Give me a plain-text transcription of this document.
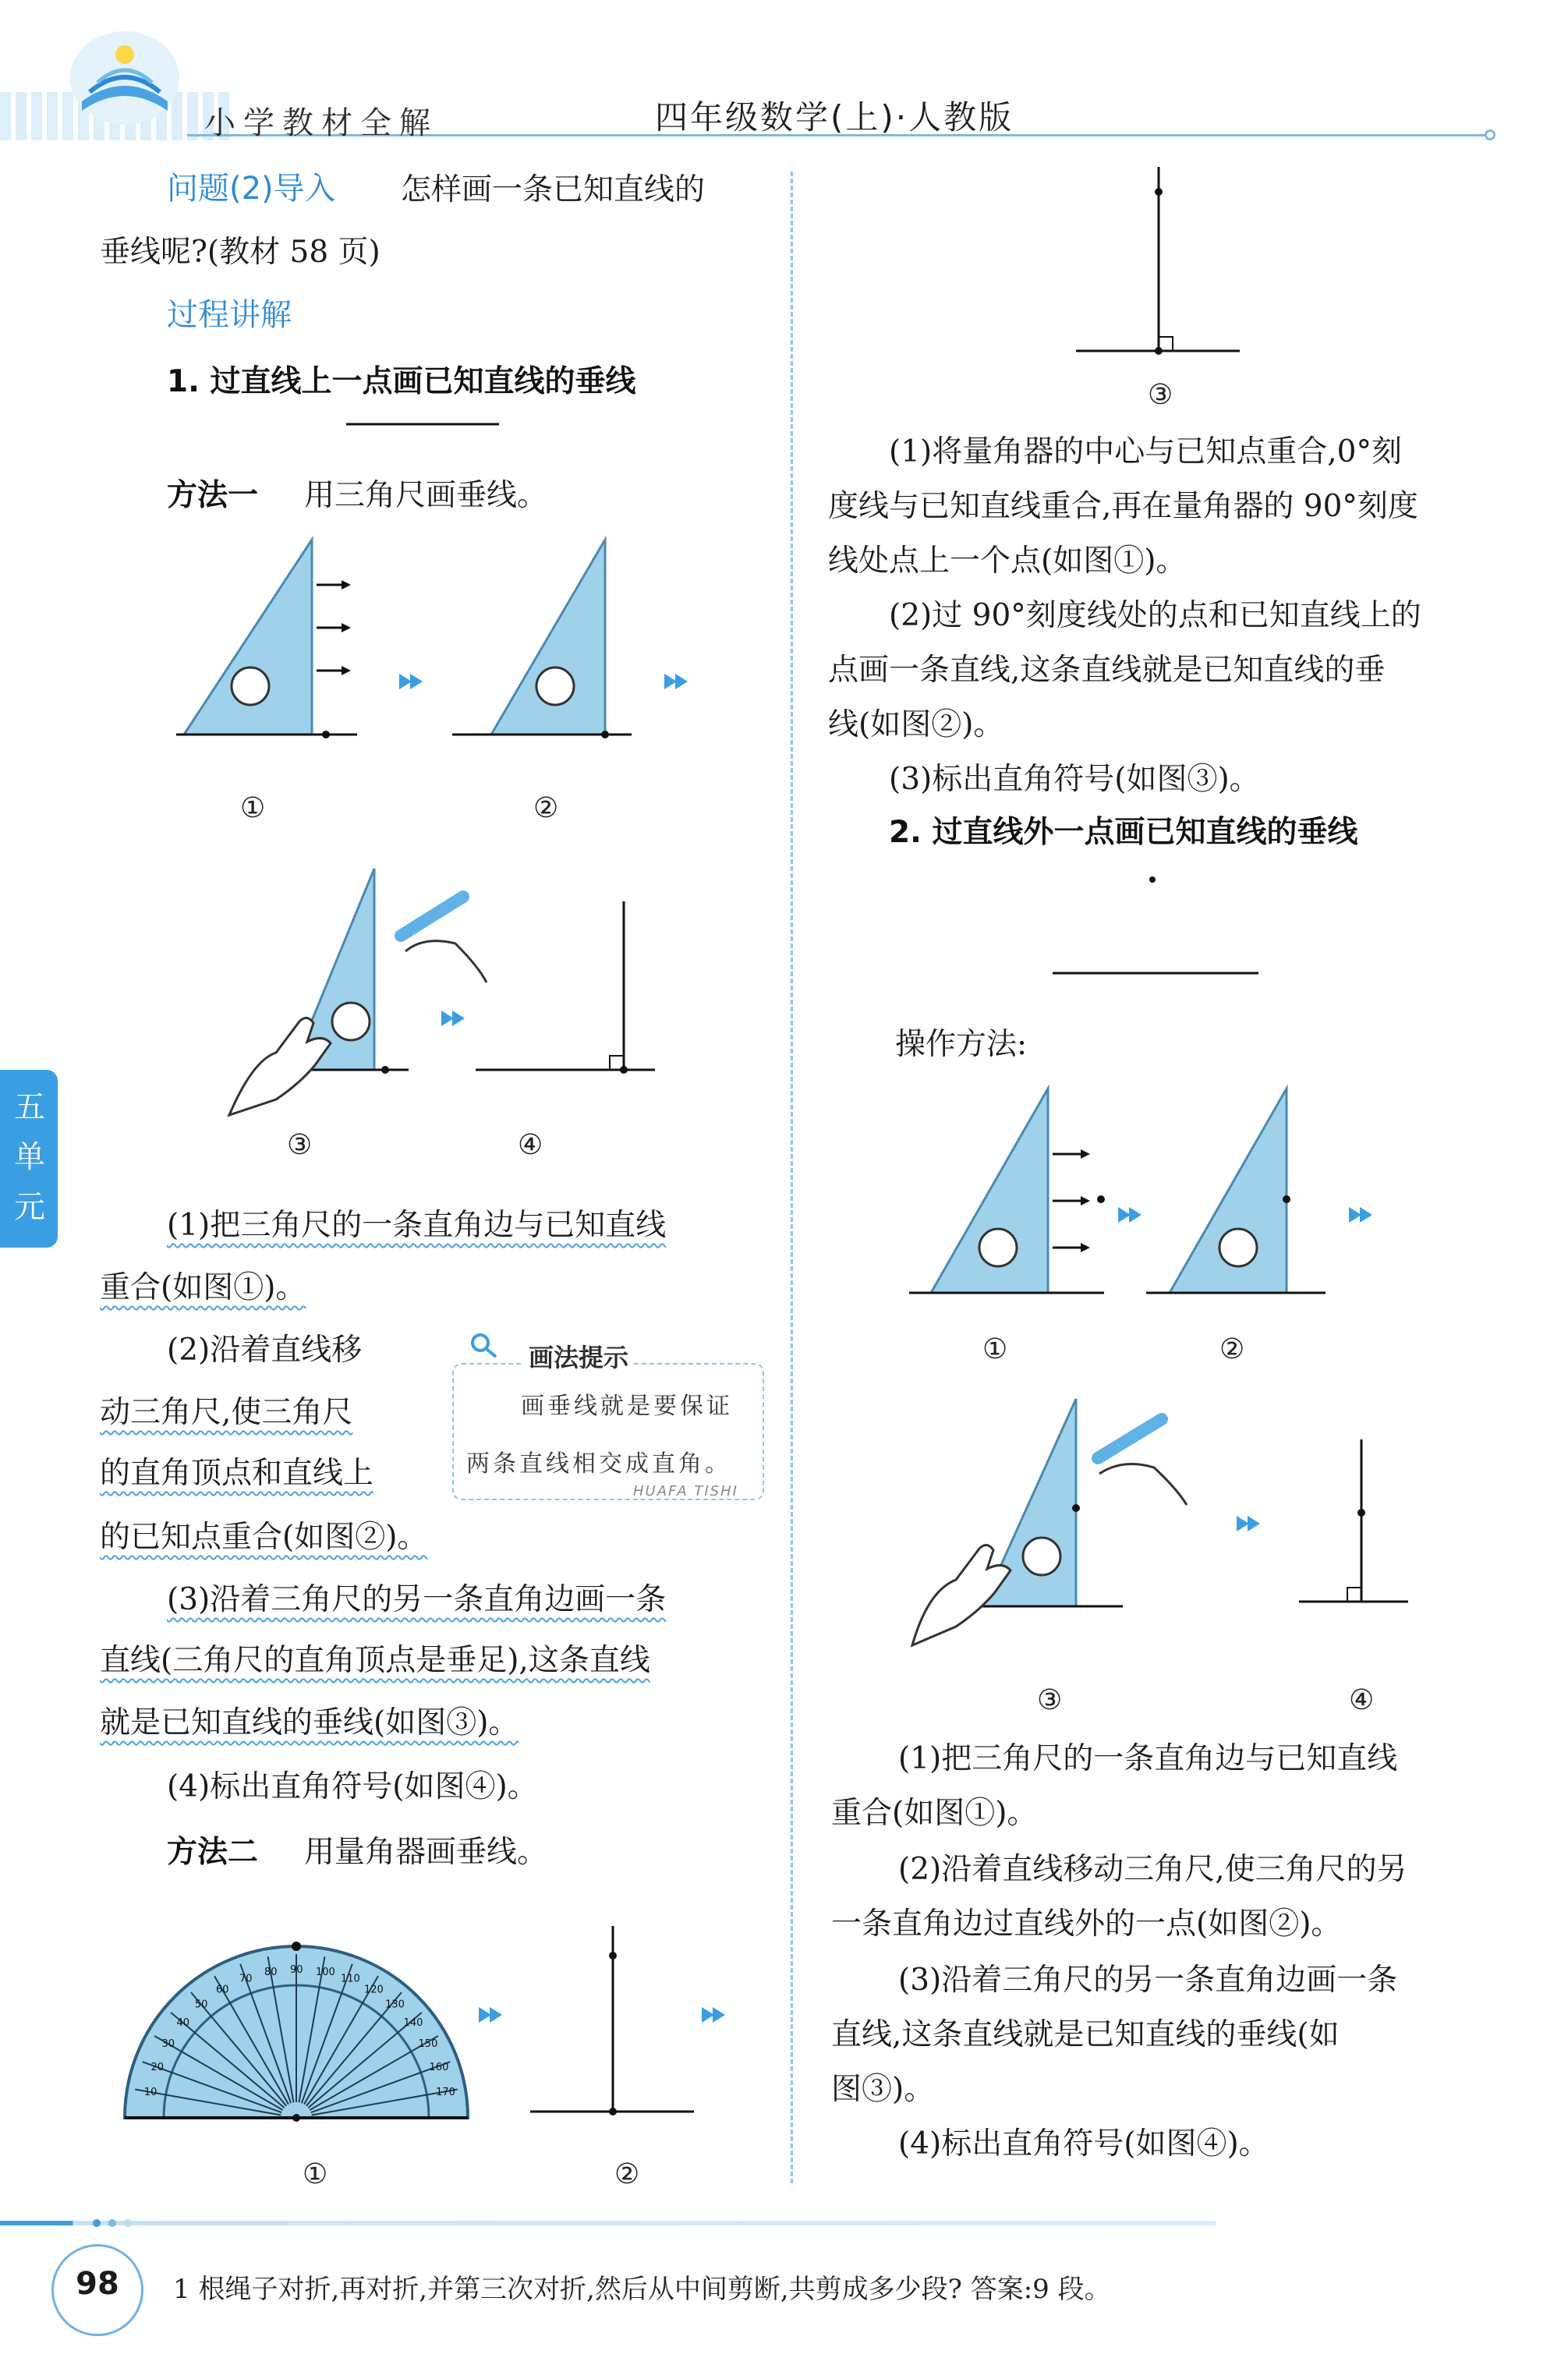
小学教材全解	四年级数学(上)·人教版
五单元
问题(2)导入 怎样画一条已知直线的
垂线呢?(教材 58 页)
过程讲解
1. 过直线上一点画已知直线的垂线
方法一 用三角尺画垂线。
①	②
③	④
(1)把三角尺的一条直角边与已知直线
重合(如图①)。
(2)沿着直线移
动三角尺,使三角尺
的直角顶点和直线上
的已知点重合(如图②)。
画法提示
画垂线就是要保证
两条直线相交成直角。
HUAFA TISHI
(3)沿着三角尺的另一条直角边画一条
直线(三角尺的直角顶点是垂足),这条直线
就是已知直线的垂线(如图③)。
(4)标出直角符号(如图④)。
方法二 用量角器画垂线。
10
20
30
40
50
60
70
80 90 100
110
120
130
140
150
160
170
①	②
③
(1)将量角器的中心与已知点重合,0°刻
度线与已知直线重合,再在量角器的 90°刻度
线处点上一个点(如图①)。
(2)过 90°刻度线处的点和已知直线上的
点画一条直线,这条直线就是已知直线的垂
线(如图②)。
(3)标出直角符号(如图③)。
2. 过直线外一点画已知直线的垂线
操作方法:
①	②
③	④
(1)把三角尺的一条直角边与已知直线
重合(如图①)。
(2)沿着直线移动三角尺,使三角尺的另
一条直角边过直线外的一点(如图②)。
(3)沿着三角尺的另一条直角边画一条
直线,这条直线就是已知直线的垂线(如
图③)。
(4)标出直角符号(如图④)。
98	1 根绳子对折,再对折,并第三次对折,然后从中间剪断,共剪成多少段? 答案:9 段。
